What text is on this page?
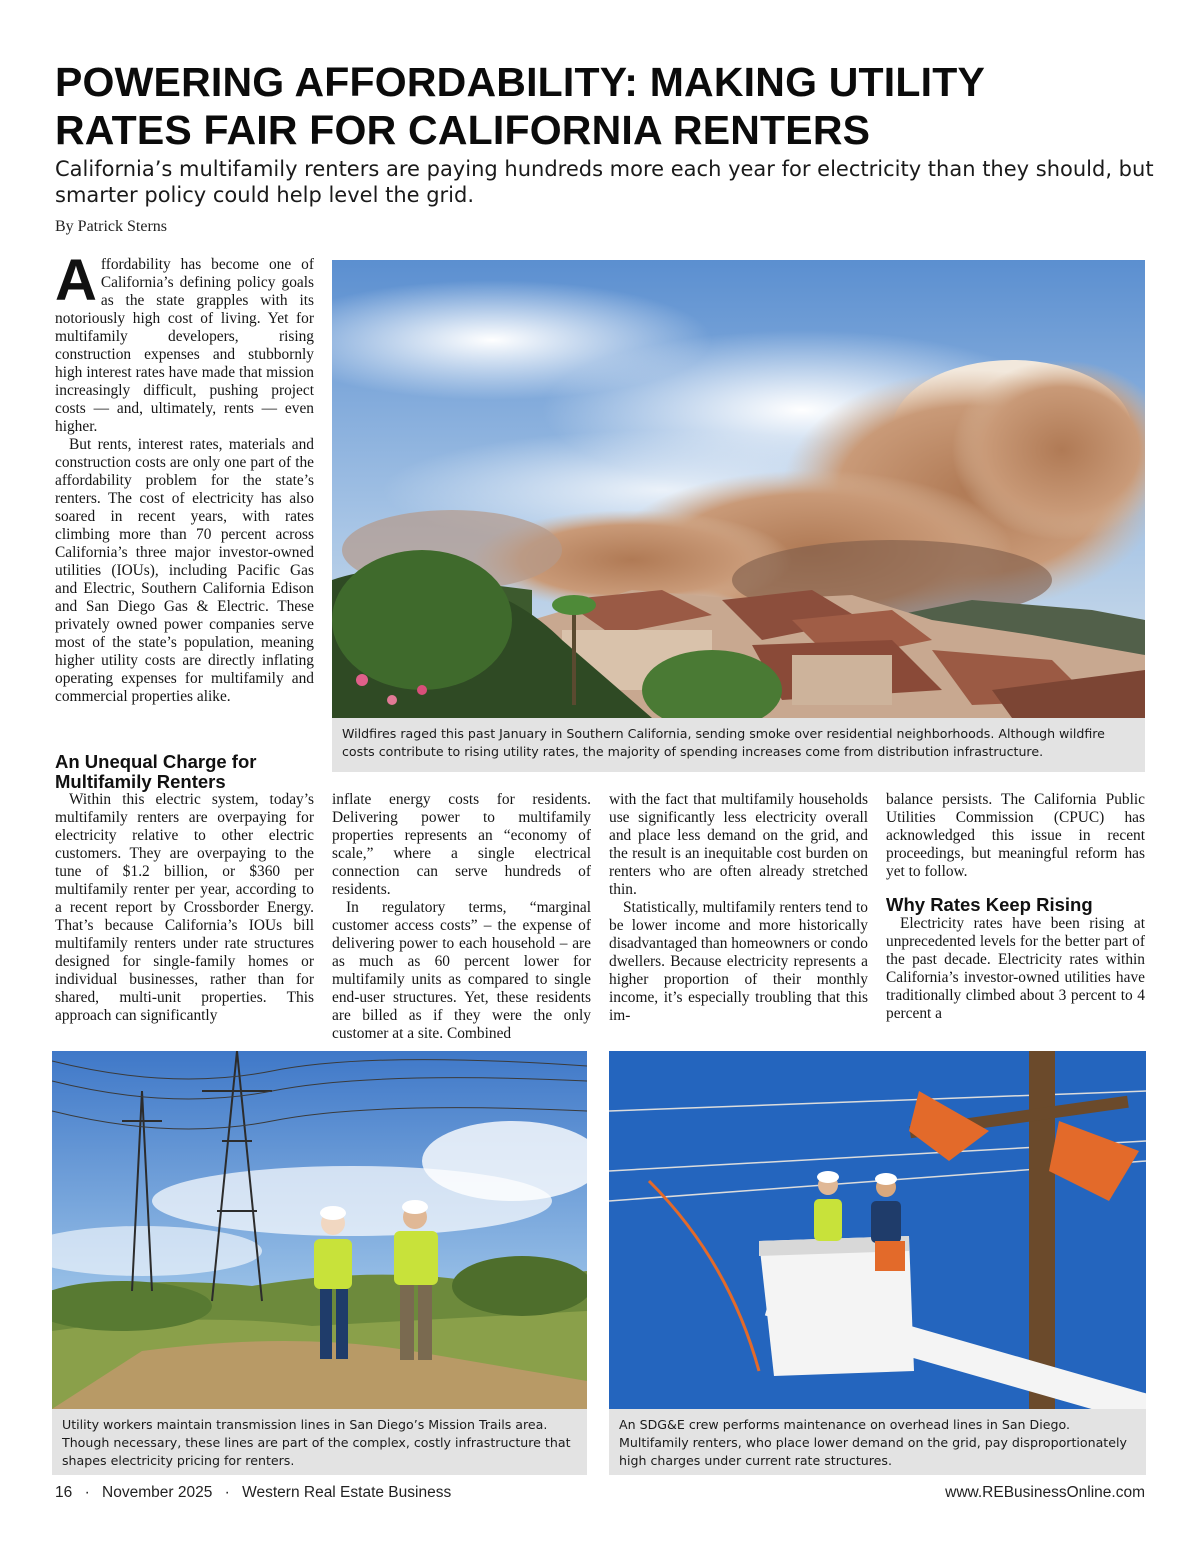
POWERING AFFORDABILITY: MAKING UTILITY
RATES FAIR FOR CALIFORNIA RENTERS

California’s multifamily renters are paying hundreds more each year for electricity than they should, but smarter policy could help level the grid.

By Patrick Sterns

Affordability has become one of California’s defining policy goals as the state grapples with its notoriously high cost of living. Yet for multifamily developers, rising construction expenses and stubbornly high interest rates have made that mission increasingly difficult, pushing project costs — and, ultimately, rents — even higher.

But rents, interest rates, materials and construction costs are only one part of the affordability problem for the state’s renters. The cost of electricity has also soared in recent years, with rates climbing more than 70 percent across California’s three major investor-owned utilities (IOUs), including Pacific Gas and Electric, Southern California Edison and San Diego Gas & Electric. These privately owned power companies serve most of the state’s population, meaning higher utility costs are directly inflating operating expenses for multifamily and commercial properties alike.

An Unequal Charge for Multifamily Renters
Wildfires raged this past January in Southern California, sending smoke over residential neighborhoods. Although wildfire costs contribute to rising utility rates, the majority of spending increases come from distribution infrastructure.

Within this electric system, today’s multifamily renters are overpaying for electricity relative to other electric customers. They are overpaying to the tune of $1.2 billion, or $360 per multifamily renter per year, according to a recent report by Crossborder Energy. That’s because California’s IOUs bill multifamily renters under rate structures designed for single-family homes or individual businesses, rather than for shared, multi-unit properties. This approach can significantly

inflate energy costs for residents. Delivering power to multifamily properties represents an “economy of scale,” where a single electrical connection can serve hundreds of residents.

In regulatory terms, “marginal customer access costs” – the expense of delivering power to each household – are as much as 60 percent lower for multifamily units as compared to single end-user structures. Yet, these residents are billed as if they were the only customer at a site. Combined

with the fact that multifamily households use significantly less electricity overall and place less demand on the grid, and the result is an inequitable cost burden on renters who are often already stretched thin.

Statistically, multifamily renters tend to be lower income and more historically disadvantaged than homeowners or condo dwellers. Because electricity represents a higher proportion of their monthly income, it’s especially troubling that this im-

balance persists. The California Public Utilities Commission (CPUC) has acknowledged this issue in recent proceedings, but meaningful reform has yet to follow.

Why Rates Keep Rising

Electricity rates have been rising at unprecedented levels for the better part of the past decade. Electricity rates within California’s investor-owned utilities have traditionally climbed about 3 percent to 4 percent a

Utility workers maintain transmission lines in San Diego’s Mission Trails area. Though necessary, these lines are part of the complex, costly infrastructure that shapes electricity pricing for renters.
An SDG&E crew performs maintenance on overhead lines in San Diego. Multifamily renters, who place lower demand on the grid, pay disproportionately high charges under current rate structures.
16 · November 2025 · Western Real Estate Business	www.REBusinessOnline.com
